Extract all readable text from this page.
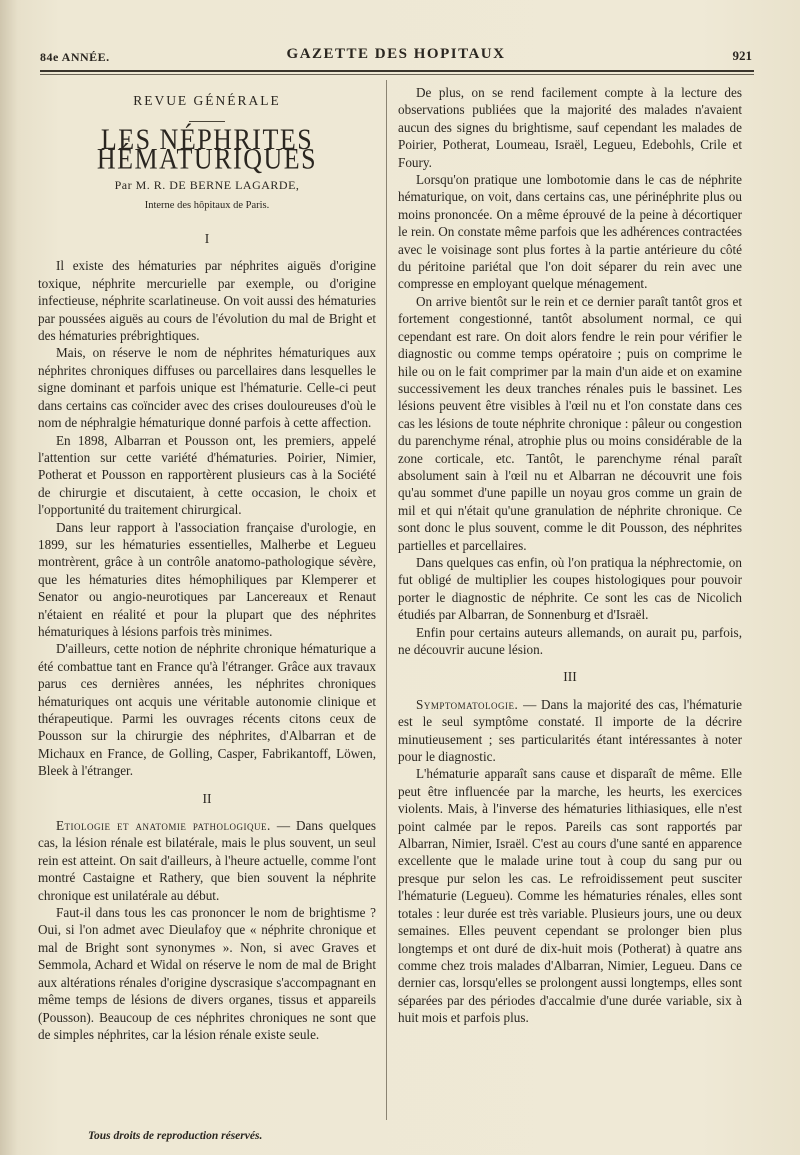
84e ANNÉE.	GAZETTE DES HOPITAUX	921
REVUE GÉNÉRALE
LES NÉPHRITES HÉMATURIQUES
Par M. R. DE BERNE LAGARDE,
Interne des hôpitaux de Paris.
I

Il existe des hématuries par néphrites aiguës d'origine toxique, néphrite mercurielle par exemple, ou d'origine infectieuse, néphrite scarlatineuse. On voit aussi des hématuries par poussées aiguës au cours de l'évolution du mal de Bright et des hématuries prébrightiques.

Mais, on réserve le nom de néphrites hématuriques aux néphrites chroniques diffuses ou parcellaires dans lesquelles le signe dominant et parfois unique est l'hématurie. Celle-ci peut dans certains cas coïncider avec des crises douloureuses d'où le nom de néphralgie hématurique donné parfois à cette affection.

En 1898, Albarran et Pousson ont, les premiers, appelé l'attention sur cette variété d'hématuries. Poirier, Nimier, Potherat et Pousson en rapportèrent plusieurs cas à la Société de chirurgie et discutaient, à cette occasion, le choix et l'opportunité du traitement chirurgical.

Dans leur rapport à l'association française d'urologie, en 1899, sur les hématuries essentielles, Malherbe et Legueu montrèrent, grâce à un contrôle anatomo-pathologique sévère, que les hématuries dites hémophiliques par Klemperer et Senator ou angio-neurotiques par Lancereaux et Renaut n'étaient en réalité et pour la plupart que des néphrites hématuriques à lésions parfois très minimes.

D'ailleurs, cette notion de néphrite chronique hématurique a été combattue tant en France qu'à l'étranger. Grâce aux travaux parus ces dernières années, les néphrites chroniques hématuriques ont acquis une véritable autonomie clinique et thérapeutique. Parmi les ouvrages récents citons ceux de Pousson sur la chirurgie des néphrites, d'Albarran et de Michaux en France, de Golling, Casper, Fabrikantoff, Löwen, Bleek à l'étranger.

II

Etiologie et anatomie pathologique. — Dans quelques cas, la lésion rénale est bilatérale, mais le plus souvent, un seul rein est atteint. On sait d'ailleurs, à l'heure actuelle, comme l'ont montré Castaigne et Rathery, que bien souvent la néphrite chronique est unilatérale au début.

Faut-il dans tous les cas prononcer le nom de brightisme ? Oui, si l'on admet avec Dieulafoy que « néphrite chronique et mal de Bright sont synonymes ». Non, si avec Graves et Semmola, Achard et Widal on réserve le nom de mal de Bright aux altérations rénales d'origine dyscrasique s'accompagnant en même temps de lésions de divers organes, tissus et appareils (Pousson). Beaucoup de ces néphrites chroniques ne sont que de simples néphrites, car la lésion rénale existe seule.

De plus, on se rend facilement compte à la lecture des observations publiées que la majorité des malades n'avaient aucun des signes du brightisme, sauf cependant les malades de Poirier, Potherat, Loumeau, Israël, Legueu, Edebohls, Crile et Foury.

Lorsqu'on pratique une lombotomie dans le cas de néphrite hématurique, on voit, dans certains cas, une périnéphrite plus ou moins prononcée. On a même éprouvé de la peine à décortiquer le rein. On constate même parfois que les adhérences contractées avec le voisinage sont plus fortes à la partie antérieure du côté du péritoine pariétal que l'on doit séparer du rein avec une compresse en employant quelque ménagement.

On arrive bientôt sur le rein et ce dernier paraît tantôt gros et fortement congestionné, tantôt absolument normal, ce qui cependant est rare. On doit alors fendre le rein pour vérifier le diagnostic ou comme temps opératoire ; puis on comprime le hile ou on le fait comprimer par la main d'un aide et on examine successivement les deux tranches rénales puis le bassinet. Les lésions peuvent être visibles à l'œil nu et l'on constate dans ces cas les lésions de toute néphrite chronique : pâleur ou congestion du parenchyme rénal, atrophie plus ou moins considérable de la zone corticale, etc. Tantôt, le parenchyme rénal paraît absolument sain à l'œil nu et Albarran ne découvrit une fois qu'au sommet d'une papille un noyau gros comme un grain de mil et qui n'était qu'une granulation de néphrite chronique. Ce sont donc le plus souvent, comme le dit Pousson, des néphrites partielles et parcellaires.

Dans quelques cas enfin, où l'on pratiqua la néphrectomie, on fut obligé de multiplier les coupes histologiques pour pouvoir porter le diagnostic de néphrite. Ce sont les cas de Nicolich étudiés par Albarran, de Sonnenburg et d'Israël.

Enfin pour certains auteurs allemands, on aurait pu, parfois, ne découvrir aucune lésion.

III

Symptomatologie. — Dans la majorité des cas, l'hématurie est le seul symptôme constaté. Il importe de la décrire minutieusement ; ses particularités étant intéressantes à noter pour le diagnostic.

L'hématurie apparaît sans cause et disparaît de même. Elle peut être influencée par la marche, les heurts, les exercices violents. Mais, à l'inverse des hématuries lithiasiques, elle n'est point calmée par le repos. Pareils cas sont rapportés par Albarran, Nimier, Israël. C'est au cours d'une santé en apparence excellente que le malade urine tout à coup du sang pur ou presque pur selon les cas. Le refroidissement peut susciter l'hématurie (Legueu). Comme les hématuries rénales, elles sont totales : leur durée est très variable. Plusieurs jours, une ou deux semaines. Elles peuvent cependant se prolonger bien plus longtemps et ont duré de dix-huit mois (Potherat) à quatre ans comme chez trois malades d'Albarran, Nimier, Legueu. Dans ce dernier cas, lorsqu'elles se prolongent aussi longtemps, elles sont séparées par des périodes d'accalmie d'une durée variable, six à huit mois et parfois plus.

Tous droits de reproduction réservés.
